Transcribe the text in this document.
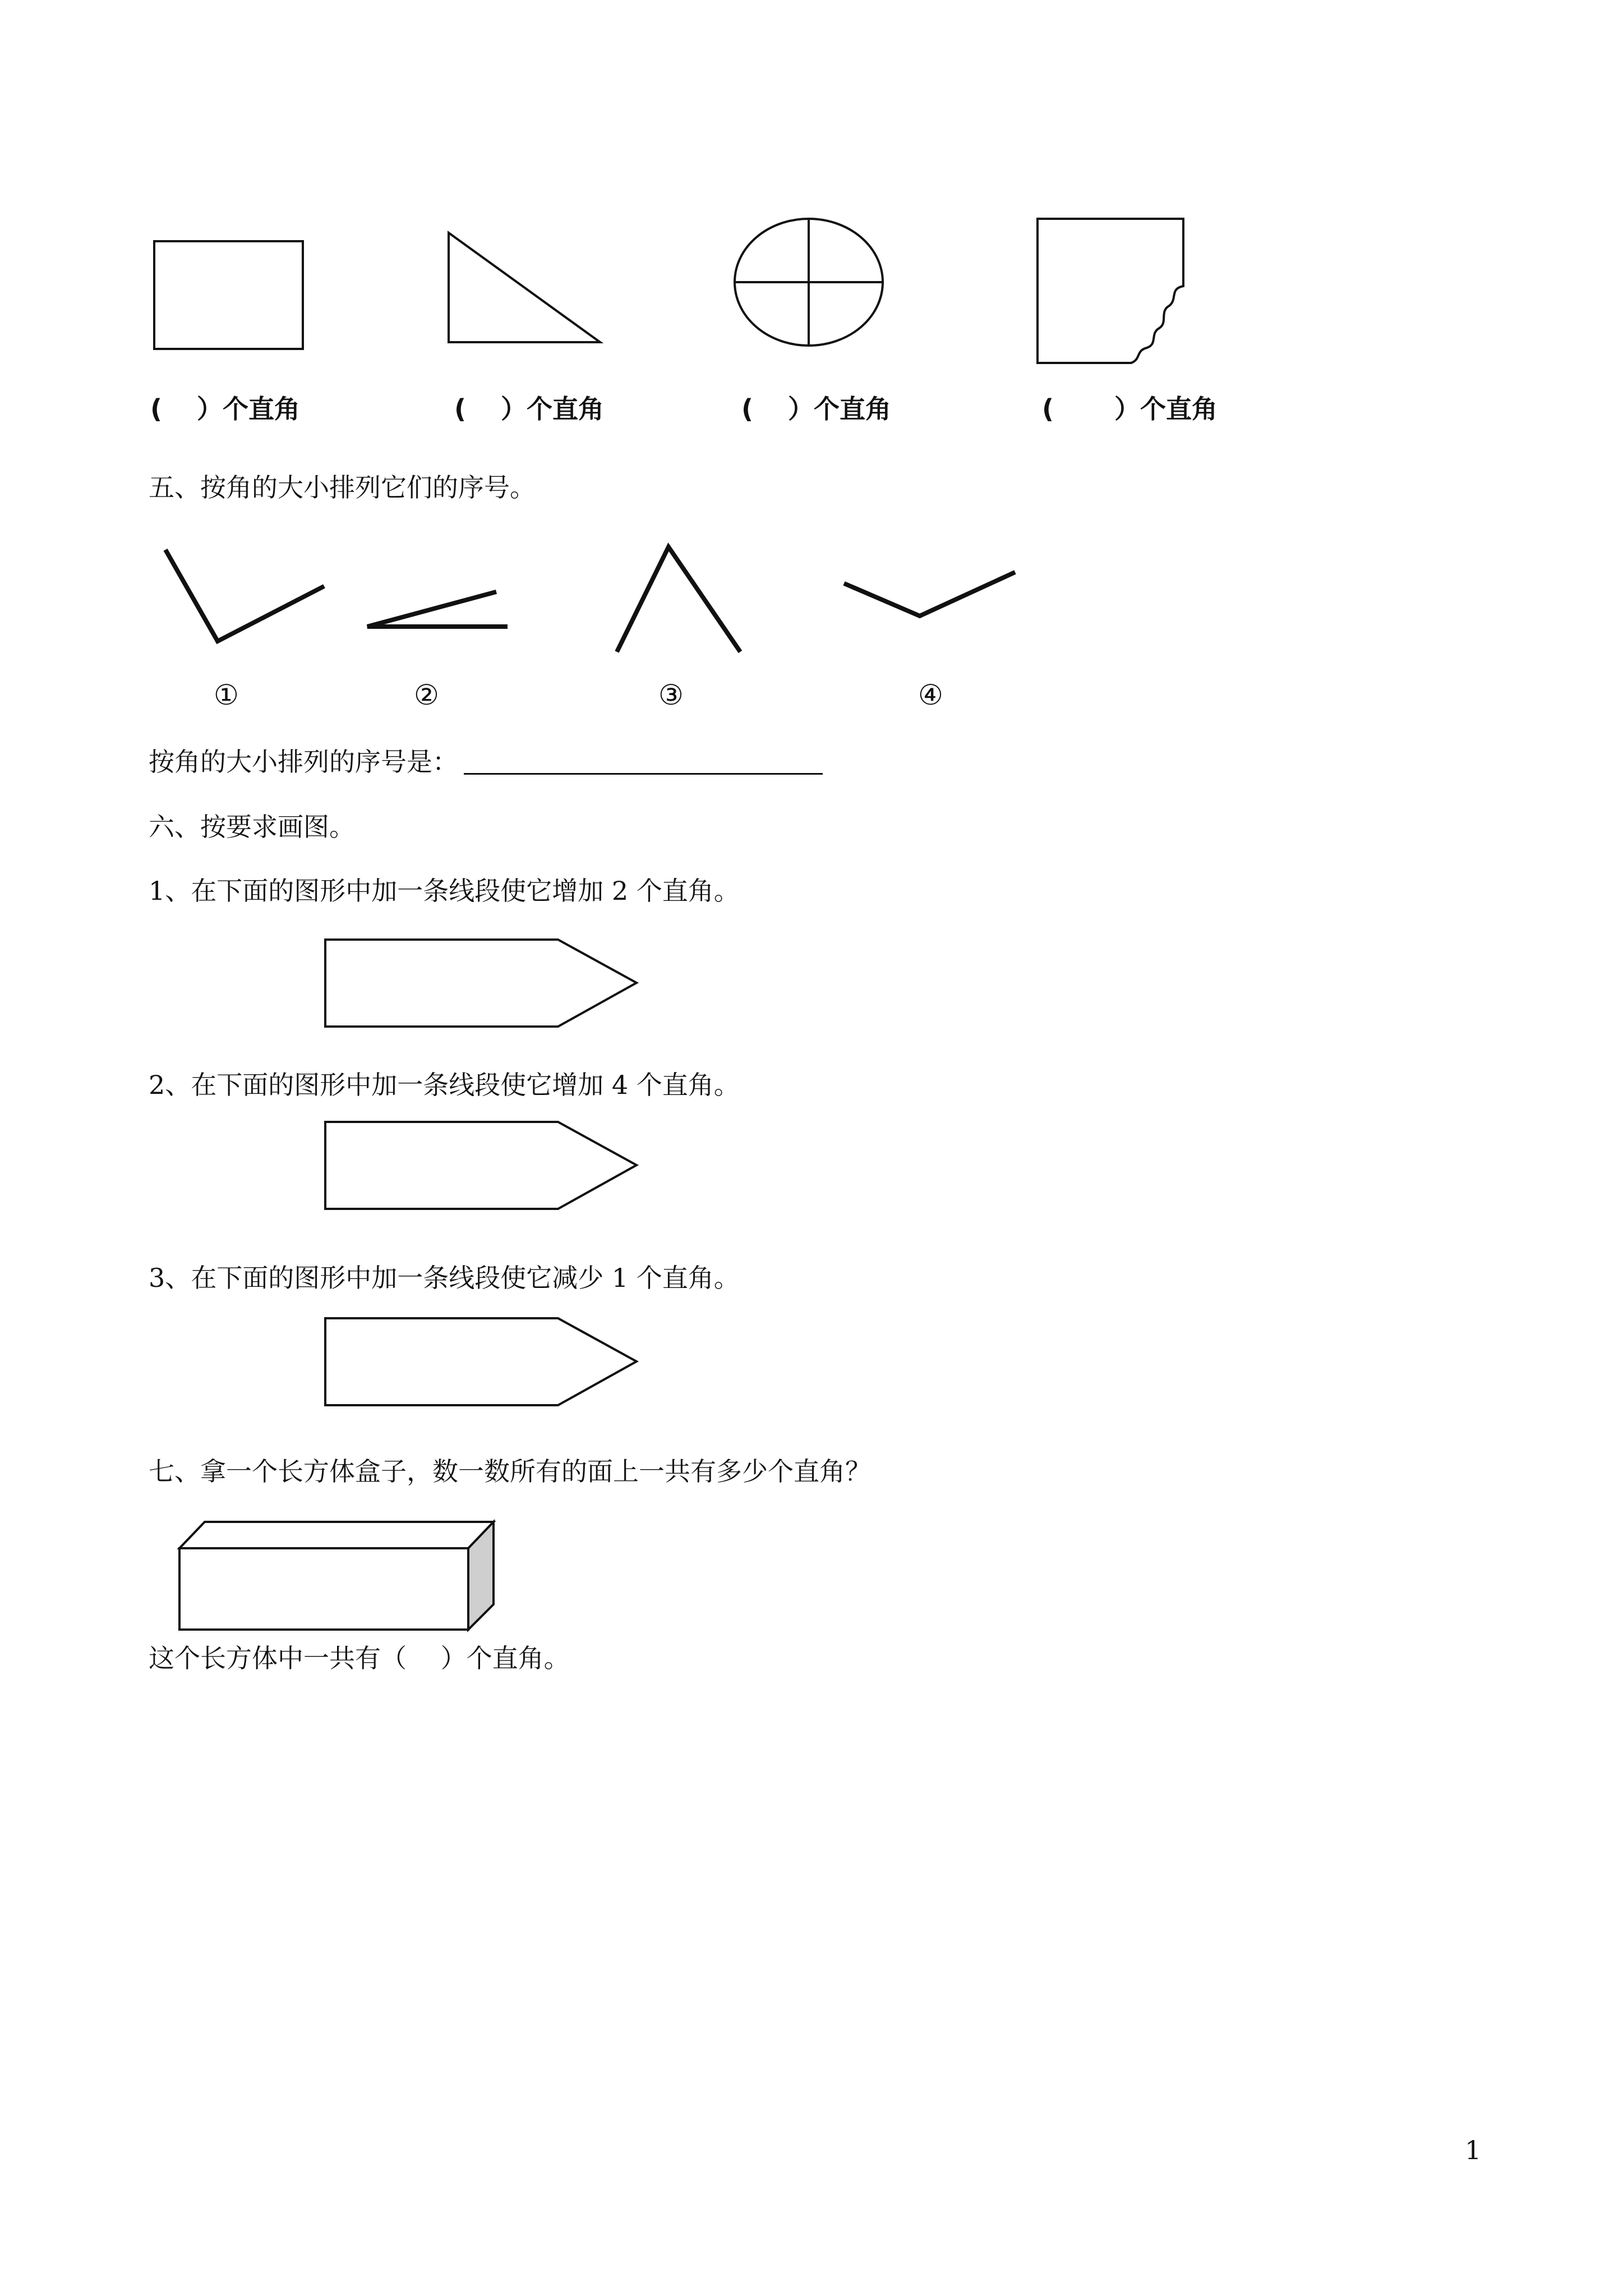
(　 ）个直角	(　 ）个直角	(　 ）个直角	(　　 ）个直角
五、按角的大小排列它们的序号。
①	②	③	④
按角的大小排列的序号是：
六、按要求画图。
1、在下面的图形中加一条线段使它增加 2 个直角。
2、在下面的图形中加一条线段使它增加 4 个直角。
3、在下面的图形中加一条线段使它减少 1 个直角。
七、拿一个长方体盒子，数一数所有的面上一共有多少个直角？
这个长方体中一共有（　 ）个直角。
1
